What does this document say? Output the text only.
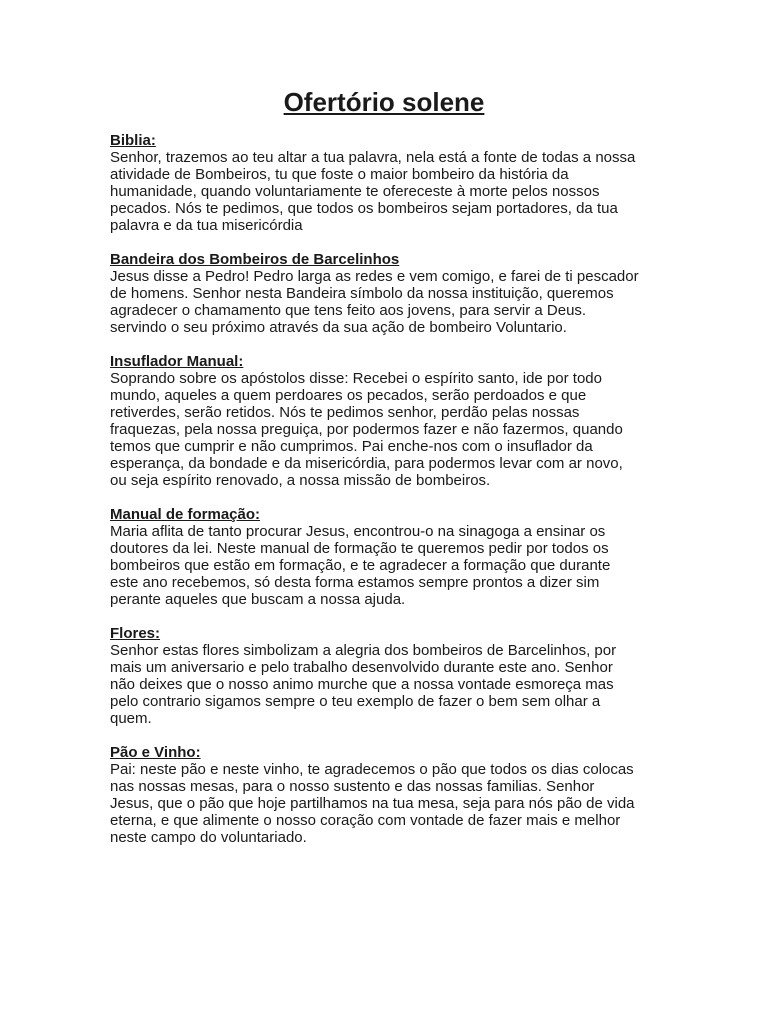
Ofertório solene
Biblia:
Senhor, trazemos ao teu altar a tua palavra, nela está a fonte de todas a nossa
atividade de Bombeiros, tu que foste o maior bombeiro da história da
humanidade, quando voluntariamente te ofereceste à morte pelos nossos
pecados. Nós te pedimos, que todos os bombeiros sejam portadores, da tua
palavra e da tua misericórdia
Bandeira dos Bombeiros de Barcelinhos
Jesus disse a Pedro! Pedro larga as redes e vem comigo, e farei de ti pescador
de homens. Senhor nesta Bandeira símbolo da nossa instituição, queremos
agradecer o chamamento que tens feito aos jovens, para servir a Deus.
servindo o seu próximo através da sua ação de bombeiro Voluntario.
Insuflador Manual:
Soprando sobre os apóstolos disse: Recebei o espírito santo, ide por todo
mundo, aqueles a quem perdoares os pecados, serão perdoados e que
retiverdes, serão retidos. Nós te pedimos senhor, perdão pelas nossas
fraquezas, pela nossa preguiça, por podermos fazer e não fazermos, quando
temos que cumprir e não cumprimos. Pai enche-nos com o insuflador da
esperança, da bondade e da misericórdia, para podermos levar com ar novo,
ou seja espírito renovado, a nossa missão de bombeiros.
Manual de formação:
Maria aflita de tanto procurar Jesus, encontrou-o na sinagoga a ensinar os
doutores da lei. Neste manual de formação te queremos pedir por todos os
bombeiros que estão em formação, e te agradecer a formação que durante
este ano recebemos, só desta forma estamos sempre prontos a dizer sim
perante aqueles que buscam a nossa ajuda.
Flores:
Senhor estas flores simbolizam a alegria dos bombeiros de Barcelinhos, por
mais um aniversario e pelo trabalho desenvolvido durante este ano. Senhor
não deixes que o nosso animo murche que a nossa vontade esmoreça mas
pelo contrario sigamos sempre o teu exemplo de fazer o bem sem olhar a
quem.
Pão e Vinho:
Pai: neste pão e neste vinho, te agradecemos o pão que todos os dias colocas
nas nossas mesas, para o nosso sustento e das nossas familias. Senhor
Jesus, que o pão que hoje partilhamos na tua mesa, seja para nós pão de vida
eterna, e que alimente o nosso coração com vontade de fazer mais e melhor
neste campo do voluntariado.
